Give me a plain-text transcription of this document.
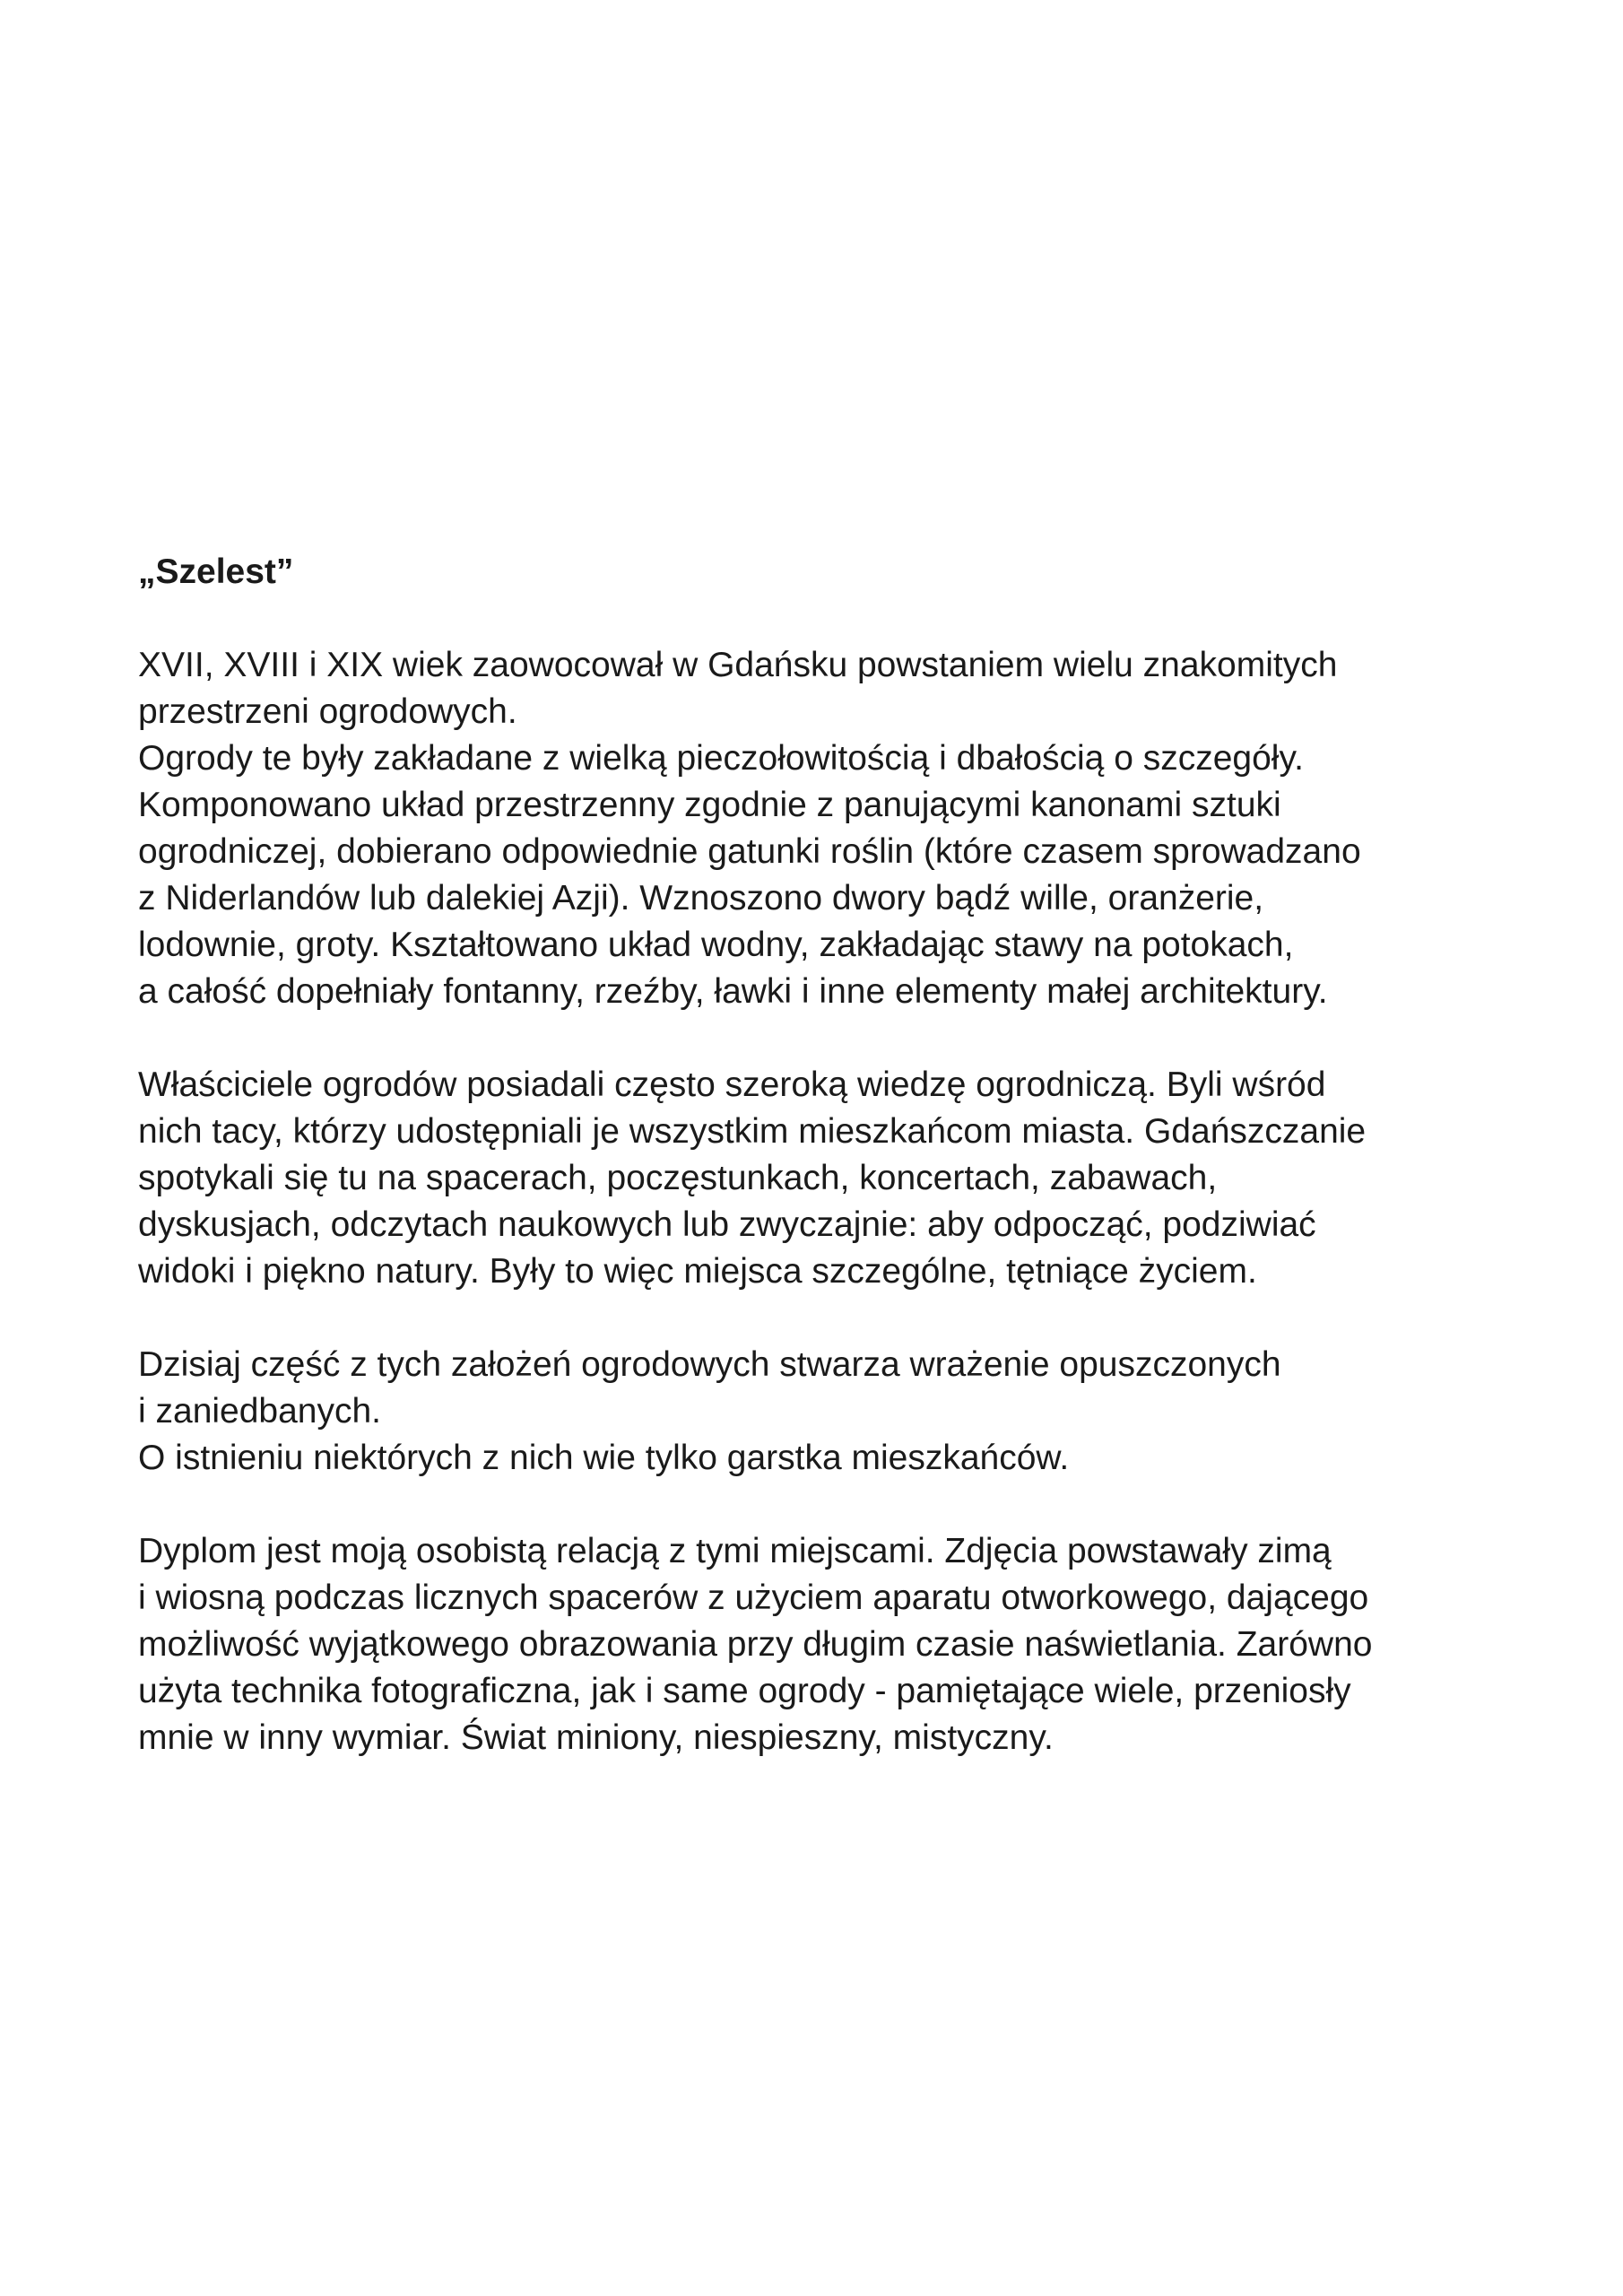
„Szelest”
XVII, XVIII i XIX wiek zaowocował w Gdańsku powstaniem wielu znakomitych
przestrzeni ogrodowych.
Ogrody te były zakładane z wielką pieczołowitością i dbałością o szczegóły.
Komponowano układ przestrzenny zgodnie z panującymi kanonami sztuki
ogrodniczej, dobierano odpowiednie gatunki roślin (które czasem sprowadzano
z Niderlandów lub dalekiej Azji). Wznoszono dwory bądź wille, oranżerie,
lodownie, groty. Kształtowano układ wodny, zakładając stawy na potokach,
a całość dopełniały fontanny, rzeźby, ławki i inne elementy małej architektury.
Właściciele ogrodów posiadali często szeroką wiedzę ogrodniczą. Byli wśród
nich tacy, którzy udostępniali je wszystkim mieszkańcom miasta. Gdańszczanie
spotykali się tu na spacerach, poczęstunkach, koncertach, zabawach,
dyskusjach, odczytach naukowych lub zwyczajnie: aby odpocząć, podziwiać
widoki i piękno natury. Były to więc miejsca szczególne, tętniące życiem.
Dzisiaj część z tych założeń ogrodowych stwarza wrażenie opuszczonych
i zaniedbanych.
O istnieniu niektórych z nich wie tylko garstka mieszkańców.
Dyplom jest moją osobistą relacją z tymi miejscami. Zdjęcia powstawały zimą
i wiosną podczas licznych spacerów z użyciem aparatu otworkowego, dającego
możliwość wyjątkowego obrazowania przy długim czasie naświetlania. Zarówno
użyta technika fotograficzna, jak i same ogrody - pamiętające wiele, przeniosły
mnie w inny wymiar. Świat miniony, niespieszny, mistyczny.
